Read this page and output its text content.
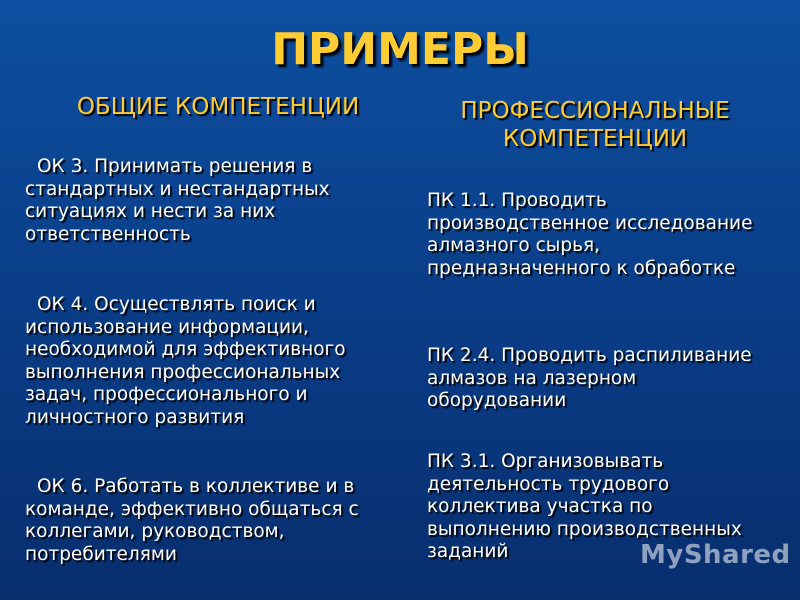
ПРИМЕРЫ
ОБЩИЕ КОМПЕТЕНЦИИ	ПРОФЕССИОНАЛЬНЫЕ КОМПЕТЕНЦИИ
ОК 3. Принимать решения в стандартных и нестандартных ситуациях и нести за них ответственность
ОК 4. Осуществлять поиск и использование информации, необходимой для эффективного выполнения профессиональных задач, профессионального и личностного развития
ОК 6. Работать в коллективе и в команде, эффективно общаться с коллегами, руководством, потребителями
ПК 1.1. Проводить производственное исследование алмазного сырья, предназначенного к обработке
ПК 2.4. Проводить распиливание алмазов на лазерном оборудовании
ПК 3.1. Организовывать деятельность трудового коллектива участка по выполнению производственных заданий	MyShared
